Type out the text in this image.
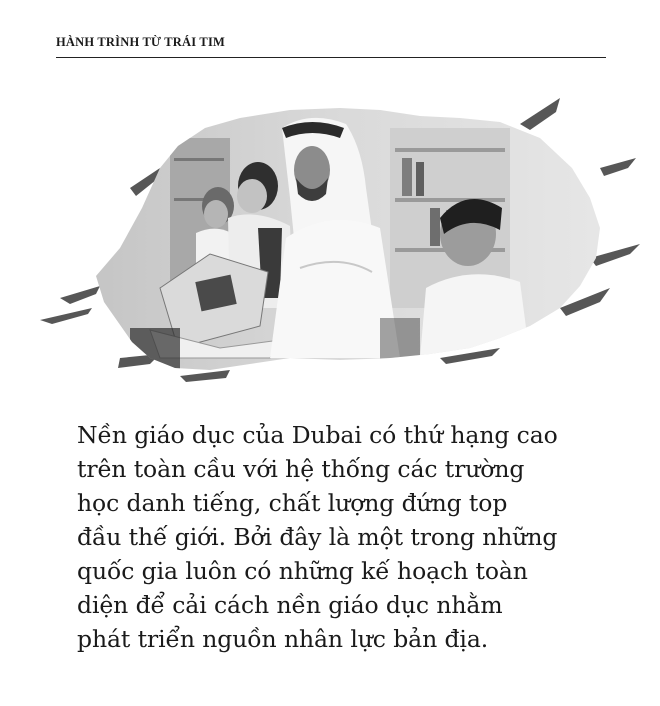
HÀNH TRÌNH TỪ TRÁI TIM
Nền giáo dục của Dubai có thứ hạng cao
trên toàn cầu với hệ thống các trường
học danh tiếng, chất lượng đứng top
đầu thế giới. Bởi đây là một trong những
quốc gia luôn có những kế hoạch toàn
diện để cải cách nền giáo dục nhằm
phát triển nguồn nhân lực bản địa.
